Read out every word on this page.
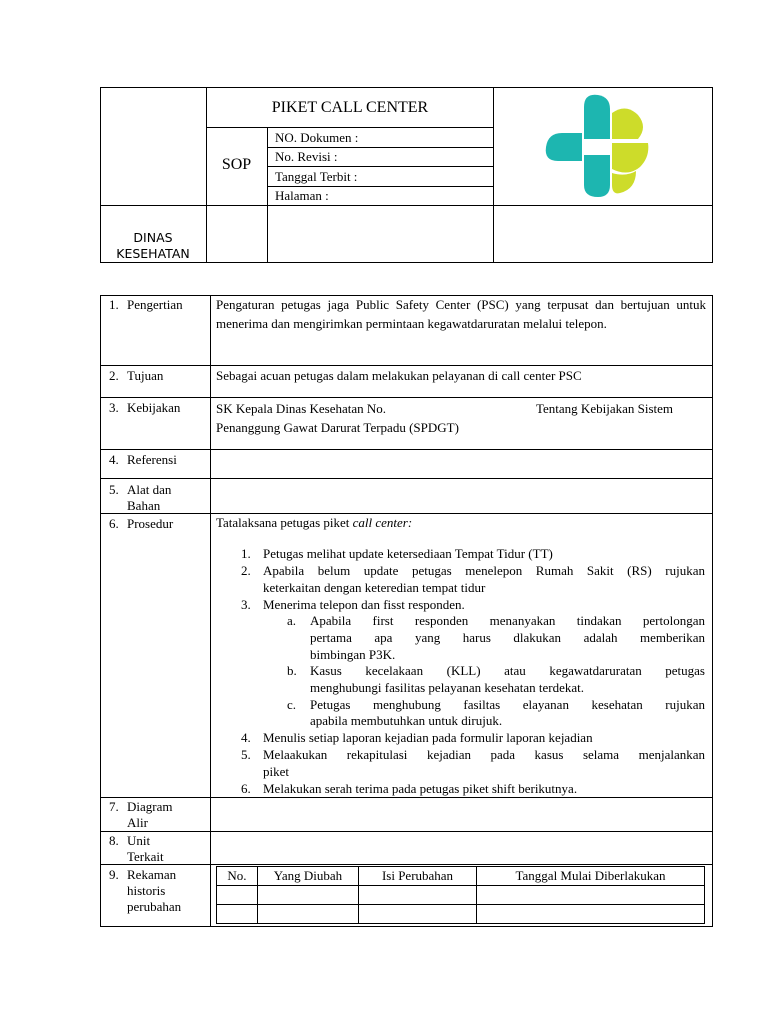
PIKET CALL CENTER
SOP
NO. Dokumen :
No. Revisi :
Tanggal Terbit :
Halaman :
DINAS
KESEHATAN
1. Pengertian	Pengaturan petugas jaga Public Safety Center (PSC) yang terpusat dan bertujuan untuk menerima dan mengirimkan permintaan kegawatdaruratan melalui telepon.
2. Tujuan	Sebagai acuan petugas dalam melakukan pelayanan di call center PSC
3. Kebijakan	SK Kepala Dinas Kesehatan No.	Tentang Kebijakan Sistem
Penanggung Gawat Darurat Terpadu (SPDGT)
4. Referensi
5. Alat dan
Bahan
6. Prosedur	Tatalaksana petugas piket call center:
1. Petugas melihat update ketersediaan Tempat Tidur (TT)
2. Apabila belum update petugas menelepon Rumah Sakit (RS) rujukan
keterkaitan dengan keteredian tempat tidur
3. Menerima telepon dan fisst responden.
a. Apabila first responden menanyakan tindakan pertolongan
pertama apa yang harus dlakukan adalah memberikan
bimbingan P3K.
b. Kasus kecelakaan (KLL) atau kegawatdaruratan petugas
menghubungi fasilitas pelayanan kesehatan terdekat.
c. Petugas menghubung fasiltas elayanan kesehatan rujukan
apabila membutuhkan untuk dirujuk.
4. Menulis setiap laporan kejadian pada formulir laporan kejadian
5. Melaakukan rekapitulasi kejadian pada kasus selama menjalankan
piket
6. Melakukan serah terima pada petugas piket shift berikutnya.
7. Diagram
Alir
8. Unit
Terkait
9. Rekaman
historis
perubahan
No.	Yang Diubah	Isi Perubahan	Tanggal Mulai Diberlakukan
